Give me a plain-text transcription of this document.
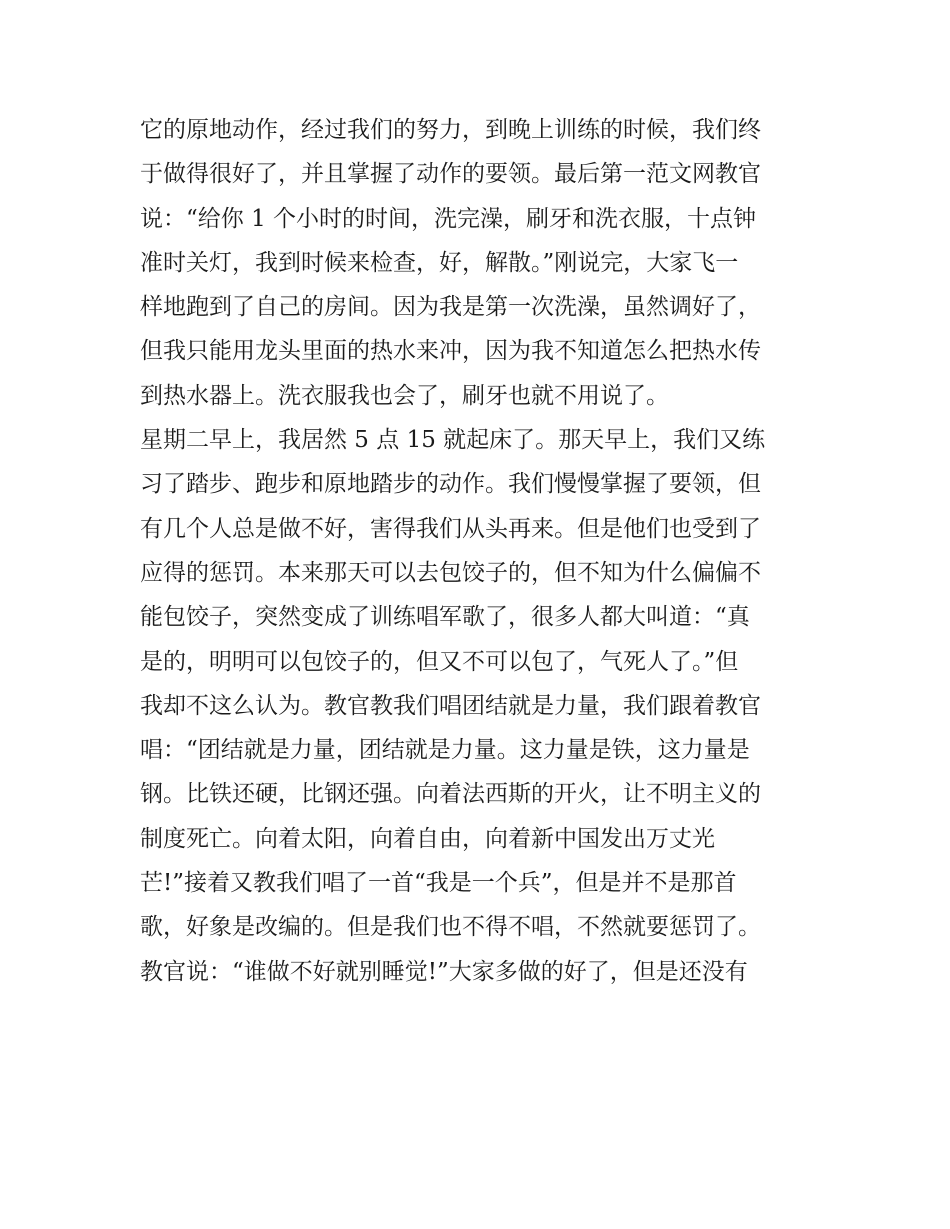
它的原地动作，经过我们的努力，到晚上训练的时候，我们终
于做得很好了，并且掌握了动作的要领。最后第一范文网教官
说：“给你 1 个小时的时间，洗完澡，刷牙和洗衣服，十点钟
准时关灯，我到时候来检查，好，解散。”刚说完，大家飞一
样地跑到了自己的房间。因为我是第一次洗澡，虽然调好了，
但我只能用龙头里面的热水来冲，因为我不知道怎么把热水传
到热水器上。洗衣服我也会了，刷牙也就不用说了。
星期二早上，我居然 5 点 15 就起床了。那天早上，我们又练
习了踏步、跑步和原地踏步的动作。我们慢慢掌握了要领，但
有几个人总是做不好，害得我们从头再来。但是他们也受到了
应得的惩罚。本来那天可以去包饺子的，但不知为什么偏偏不
能包饺子，突然变成了训练唱军歌了，很多人都大叫道：“真
是的，明明可以包饺子的，但又不可以包了，气死人了。”但
我却不这么认为。教官教我们唱团结就是力量，我们跟着教官
唱：“团结就是力量，团结就是力量。这力量是铁，这力量是
钢。比铁还硬，比钢还强。向着法西斯的开火，让不明主义的
制度死亡。向着太阳，向着自由，向着新中国发出万丈光
芒!”接着又教我们唱了一首“我是一个兵”，但是并不是那首
歌，好象是改编的。但是我们也不得不唱，不然就要惩罚了。
教官说：“谁做不好就别睡觉!”大家多做的好了，但是还没有
